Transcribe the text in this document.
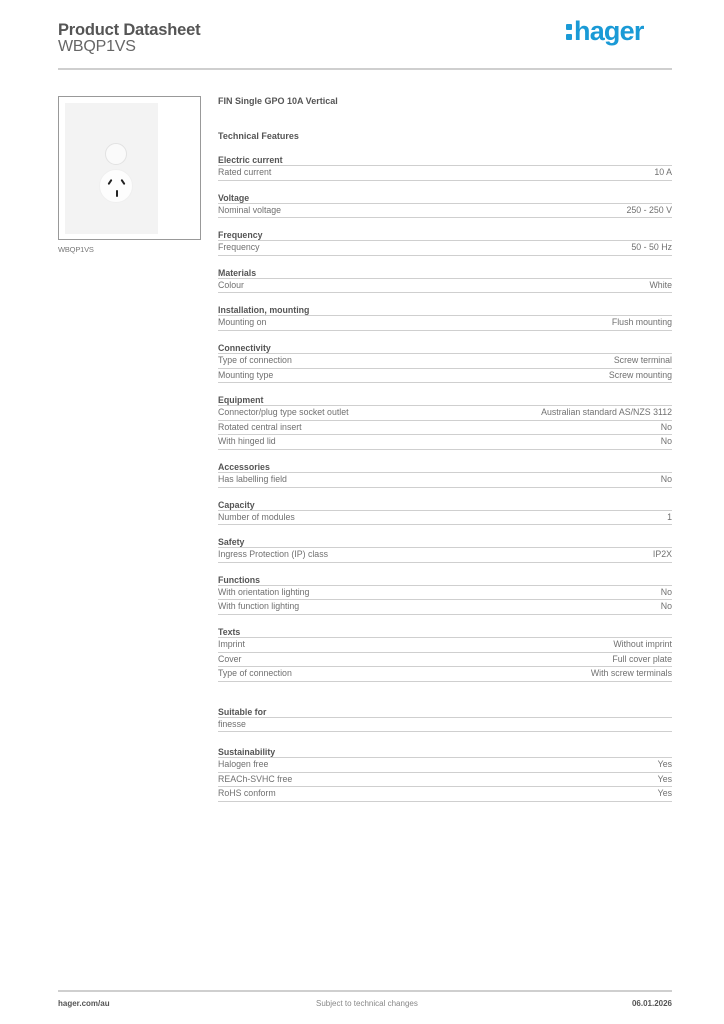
Product Datasheet
WBQP1VS
hager
WBQP1VS
FIN Single GPO 10A Vertical
Technical Features
Electric current
Rated current	10 A
Voltage
Nominal voltage	250 - 250 V
Frequency
Frequency	50 - 50 Hz
Materials
Colour	White
Installation, mounting
Mounting on	Flush mounting
Connectivity
Type of connection	Screw terminal
Mounting type	Screw mounting
Equipment
Connector/plug type socket outlet	Australian standard AS/NZS 3112
Rotated central insert	No
With hinged lid	No
Accessories
Has labelling field	No
Capacity
Number of modules	1
Safety
Ingress Protection (IP) class	IP2X
Functions
With orientation lighting	No
With function lighting	No
Texts
Imprint	Without imprint
Cover	Full cover plate
Type of connection	With screw terminals
Suitable for
finesse
Sustainability
Halogen free	Yes
REACh-SVHC free	Yes
RoHS conform	Yes
hager.com/au	Subject to technical changes	06.01.2026
